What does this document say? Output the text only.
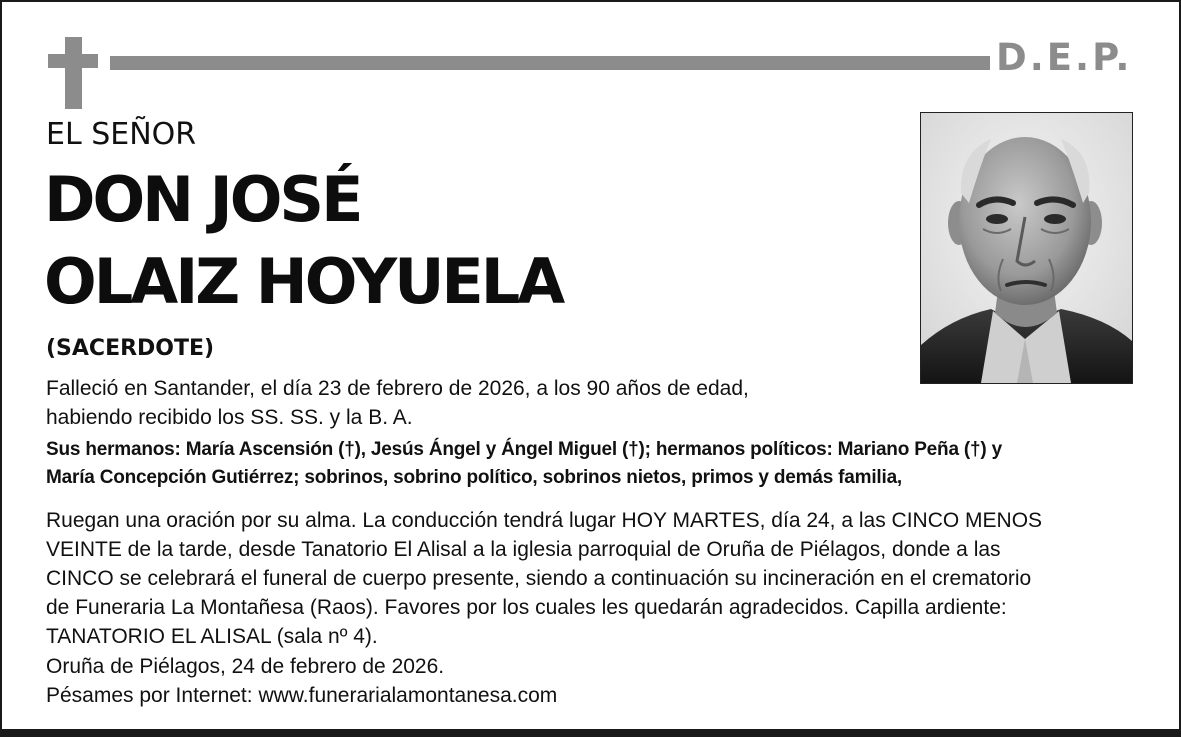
D.E.P.
EL SEÑOR
DON JOSÉ
OLAIZ HOYUELA
(SACERDOTE)
Falleció en Santander, el día 23 de febrero de 2026, a los 90 años de edad,
habiendo recibido los SS. SS. y la B. A.
Sus hermanos: María Ascensión (†), Jesús Ángel y Ángel Miguel (†); hermanos políticos: Mariano Peña (†) y
María Concepción Gutiérrez; sobrinos, sobrino político, sobrinos nietos, primos y demás familia,
Ruegan una oración por su alma. La conducción tendrá lugar HOY MARTES, día 24, a las CINCO MENOS
VEINTE de la tarde, desde Tanatorio El Alisal a la iglesia parroquial de Oruña de Piélagos, donde a las
CINCO se celebrará el funeral de cuerpo presente, siendo a continuación su incineración en el crematorio
de Funeraria La Montañesa (Raos). Favores por los cuales les quedarán agradecidos. Capilla ardiente:
TANATORIO EL ALISAL (sala nº 4).
Oruña de Piélagos, 24 de febrero de 2026.
Pésames por Internet: www.funerarialamontanesa.com
